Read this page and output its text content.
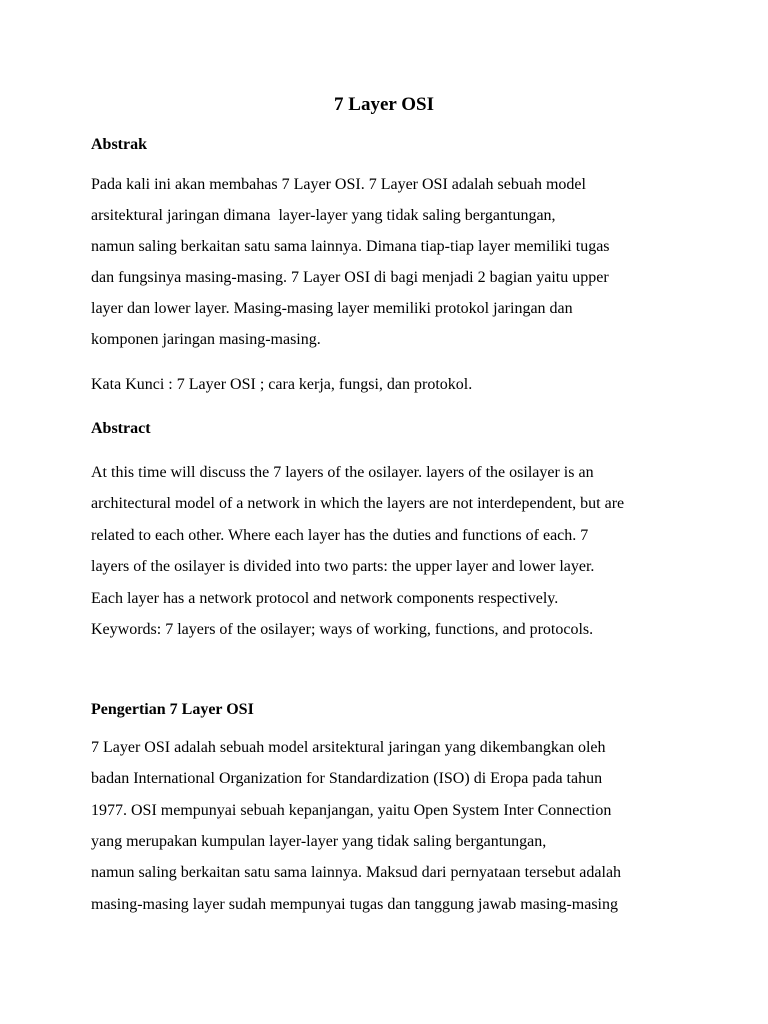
7 Layer OSI
Abstrak

Pada kali ini akan membahas 7 Layer OSI. 7 Layer OSI adalah sebuah model

arsitektural jaringan dimana  layer-layer yang tidak saling bergantungan,

namun saling berkaitan satu sama lainnya. Dimana tiap-tiap layer memiliki tugas

dan fungsinya masing-masing. 7 Layer OSI di bagi menjadi 2 bagian yaitu upper

layer dan lower layer. Masing-masing layer memiliki protokol jaringan dan

komponen jaringan masing-masing.

Kata Kunci : 7 Layer OSI ; cara kerja, fungsi, dan protokol.

Abstract

At this time will discuss the 7 layers of the osilayer. layers of the osilayer is an

architectural model of a network in which the layers are not interdependent, but are

related to each other. Where each layer has the duties and functions of each. 7

layers of the osilayer is divided into two parts: the upper layer and lower layer.

Each layer has a network protocol and network components respectively.

Keywords: 7 layers of the osilayer; ways of working, functions, and protocols.

Pengertian 7 Layer OSI

7 Layer OSI adalah sebuah model arsitektural jaringan yang dikembangkan oleh

badan International Organization for Standardization (ISO) di Eropa pada tahun

1977. OSI mempunyai sebuah kepanjangan, yaitu Open System Inter Connection

yang merupakan kumpulan layer-layer yang tidak saling bergantungan,

namun saling berkaitan satu sama lainnya. Maksud dari pernyataan tersebut adalah

masing-masing layer sudah mempunyai tugas dan tanggung jawab masing-masing
